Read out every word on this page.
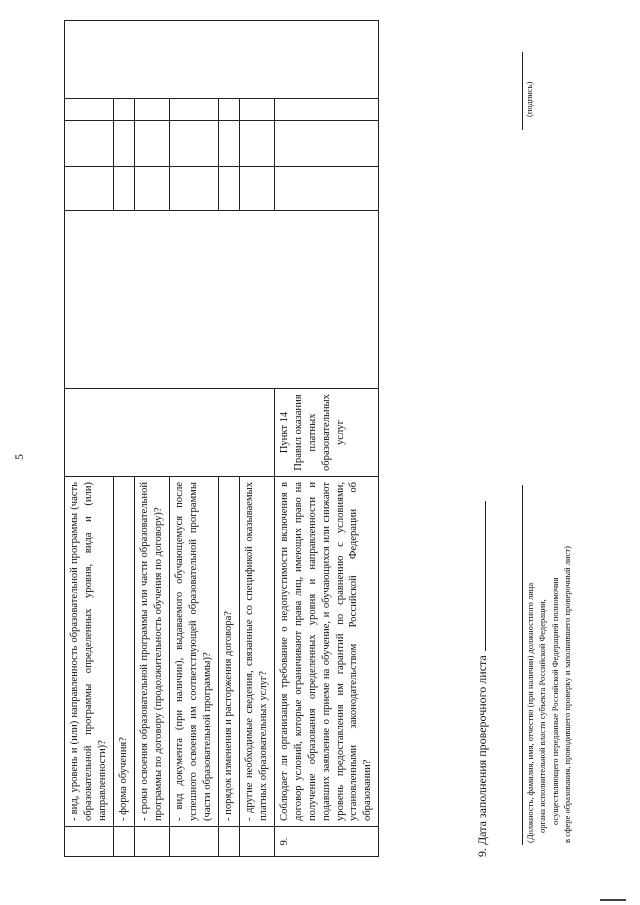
5
	- вид, уровень и (или) направленность образовательной программы (часть образовательной программы определенных уровня, вида и (или) направленности)?						
	- форма обучения?						
	- сроки освоения образовательной программы или части образовательной программы по договору (продолжительность обучения по договору)?						
	- вид документа (при наличии), выдаваемого обучающемуся после успешного освоения им соответствующей образовательной программы (части образовательной программы)?						
	- порядок изменения и расторжения договора?						
	- другие необходимые сведения, связанные со спецификой оказываемых платных образовательных услуг?						
9.	Соблюдает ли организация требование о недопустимости включения в договор условий, которые ограничивают права лиц, имеющих право на получение образования определенных уровня и направленности и подавших заявление о приеме на обучение, и обучающихся или снижают уровень предоставления им гарантий по сравнению с условиями, установленными законодательством Российской Федерации об образовании?	Пункт 14 Правил оказания платных образовательных услуг					
9. Дата заполнения проверочного листа	(Должность, фамилия, имя, отчество (при наличии) должностного лица органа исполнительной власти субъекта Российской Федерации, осуществляющего переданные Российской Федерацией полномочия в сфере образования, проводившего проверку и заполнившего проверочный лист)
(подпись)
